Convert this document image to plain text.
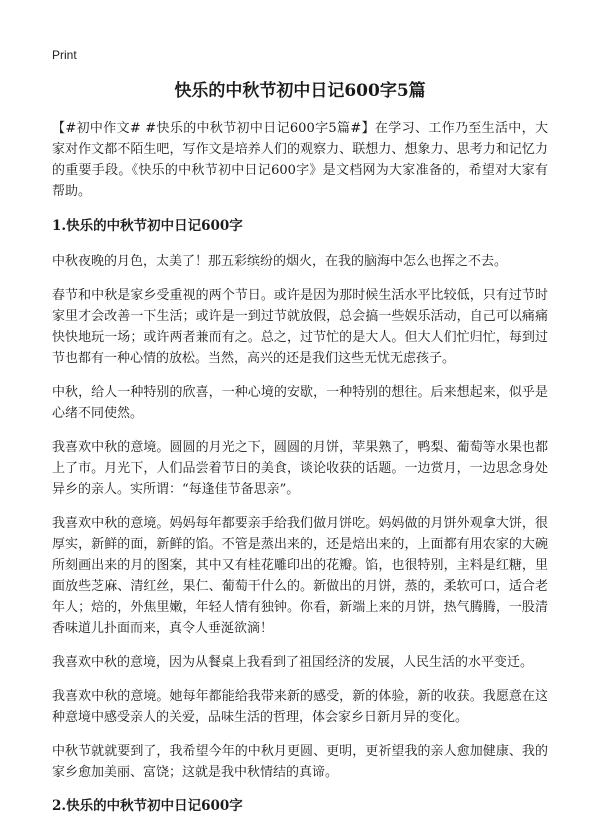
Print
快乐的中秋节初中日记600字5篇

【#初中作文# #快乐的中秋节初中日记600字5篇#】在学习、工作乃至生活中，大家对作文都不陌生吧，写作文是培养人们的观察力、联想力、想象力、思考力和记忆力的重要手段。《快乐的中秋节初中日记600字》是文档网为大家准备的，希望对大家有帮助。

1.快乐的中秋节初中日记600字

中秋夜晚的月色，太美了！那五彩缤纷的烟火，在我的脑海中怎么也挥之不去。

春节和中秋是家乡受重视的两个节日。或许是因为那时候生活水平比较低，只有过节时家里才会改善一下生活；或许是一到过节就放假，总会搞一些娱乐活动，自己可以痛痛快快地玩一场；或许两者兼而有之。总之，过节忙的是大人。但大人们忙归忙，每到过节也都有一种心情的放松。当然，高兴的还是我们这些无忧无虑孩子。

中秋，给人一种特别的欣喜，一种心境的安歇，一种特别的想往。后来想起来，似乎是心绪不同使然。

我喜欢中秋的意境。圆圆的月光之下，圆圆的月饼，苹果熟了，鸭梨、葡萄等水果也都上了市。月光下，人们品尝着节日的美食，谈论收获的话题。一边赏月，一边思念身处异乡的亲人。实所谓：“每逢佳节备思亲”。

我喜欢中秋的意境。妈妈每年都要亲手给我们做月饼吃。妈妈做的月饼外观拿大饼，很厚实，新鲜的面，新鲜的馅。不管是蒸出来的，还是焙出来的，上面都有用农家的大碗所刻画出来的月的图案，其中又有桂花雕印出的花瓣。馅，也很特别，主料是红糖，里面放些芝麻、清红丝，果仁、葡萄干什么的。新做出的月饼，蒸的，柔软可口，适合老年人；焙的，外焦里嫩，年轻人情有独钟。你看，新端上来的月饼，热气腾腾，一股清香味道儿扑面而来，真令人垂涎欲滴！

我喜欢中秋的意境，因为从餐桌上我看到了祖国经济的发展，人民生活的水平变迁。

我喜欢中秋的意境。她每年都能给我带来新的感受，新的体验，新的收获。我愿意在这种意境中感受亲人的关爱，品味生活的哲理，体会家乡日新月异的变化。

中秋节就就要到了，我希望今年的中秋月更圆、更明，更祈望我的亲人愈加健康、我的家乡愈加美丽、富饶；这就是我中秋情结的真谛。

2.快乐的中秋节初中日记600字
